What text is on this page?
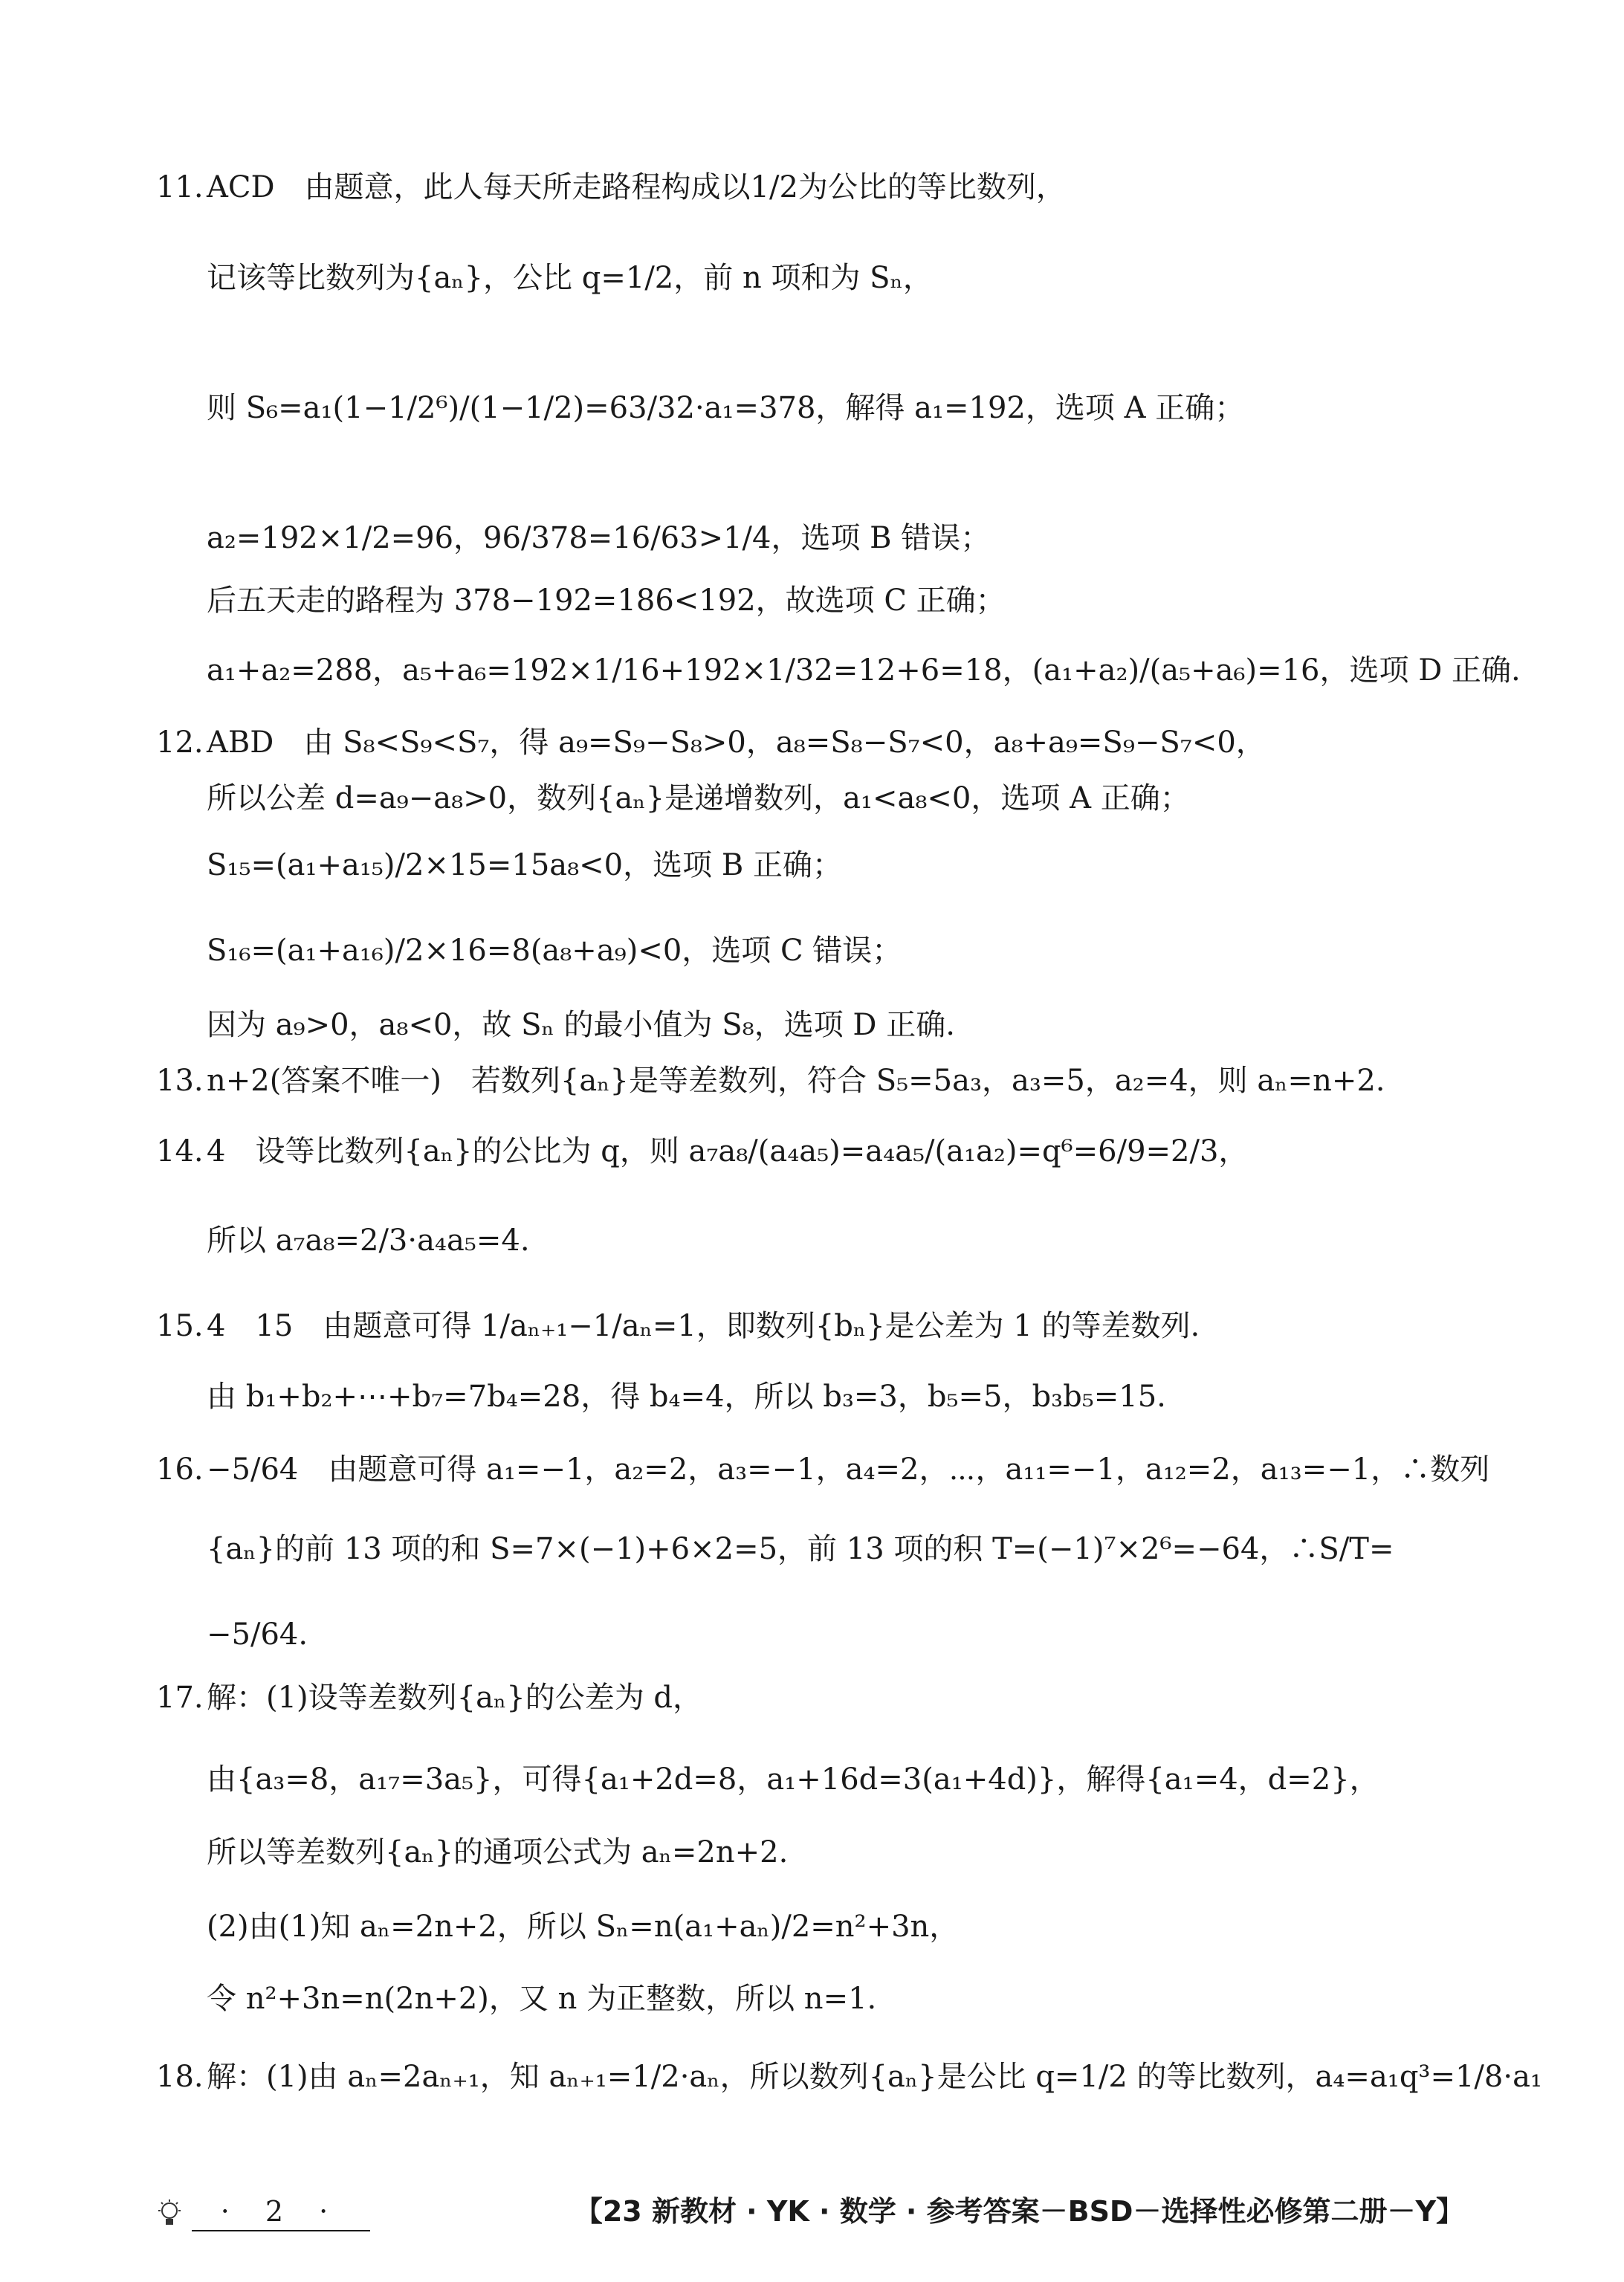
11. ACD　由题意，此人每天所走路程构成以1/2为公比的等比数列，
记该等比数列为{aₙ}，公比 q=1/2，前 n 项和为 Sₙ，
则 S₆=a₁(1−1/2⁶)/(1−1/2)=63/32·a₁=378，解得 a₁=192，选项 A 正确；
a₂=192×1/2=96，96/378=16/63>1/4，选项 B 错误；
后五天走的路程为 378−192=186<192，故选项 C 正确；
a₁+a₂=288，a₅+a₆=192×1/16+192×1/32=12+6=18，(a₁+a₂)/(a₅+a₆)=16，选项 D 正确.
12. ABD　由 S₈<S₉<S₇，得 a₉=S₉−S₈>0，a₈=S₈−S₇<0，a₈+a₉=S₉−S₇<0，
所以公差 d=a₉−a₈>0，数列{aₙ}是递增数列，a₁<a₈<0，选项 A 正确；
S₁₅=(a₁+a₁₅)/2×15=15a₈<0，选项 B 正确；
S₁₆=(a₁+a₁₆)/2×16=8(a₈+a₉)<0，选项 C 错误；
因为 a₉>0，a₈<0，故 Sₙ 的最小值为 S₈，选项 D 正确.
13. n+2(答案不唯一)　若数列{aₙ}是等差数列，符合 S₅=5a₃，a₃=5，a₂=4，则 aₙ=n+2.
14. 4　设等比数列{aₙ}的公比为 q，则 a₇a₈/(a₄a₅)=a₄a₅/(a₁a₂)=q⁶=6/9=2/3，
所以 a₇a₈=2/3·a₄a₅=4.
15. 4　15　由题意可得 1/aₙ₊₁−1/aₙ=1，即数列{bₙ}是公差为 1 的等差数列.
由 b₁+b₂+⋯+b₇=7b₄=28，得 b₄=4，所以 b₃=3，b₅=5，b₃b₅=15.
16. −5/64　由题意可得 a₁=−1，a₂=2，a₃=−1，a₄=2，⋯，a₁₁=−1，a₁₂=2，a₁₃=−1，∴数列
{aₙ}的前 13 项的和 S=7×(−1)+6×2=5，前 13 项的积 T=(−1)⁷×2⁶=−64，∴S/T=
−5/64.
17. 解：(1)设等差数列{aₙ}的公差为 d，
由{a₃=8，a₁₇=3a₅}，可得{a₁+2d=8，a₁+16d=3(a₁+4d)}，解得{a₁=4，d=2}，
所以等差数列{aₙ}的通项公式为 aₙ=2n+2.
(2)由(1)知 aₙ=2n+2，所以 Sₙ=n(a₁+aₙ)/2=n²+3n，
令 n²+3n=n(2n+2)，又 n 为正整数，所以 n=1.
18. 解：(1)由 aₙ=2aₙ₊₁，知 aₙ₊₁=1/2·aₙ，所以数列{aₙ}是公比 q=1/2 的等比数列，a₄=a₁q³=1/8·a₁
· 2 ·	【23 新教材 · YK · 数学 · 参考答案－BSD－选择性必修第二册－Y】
